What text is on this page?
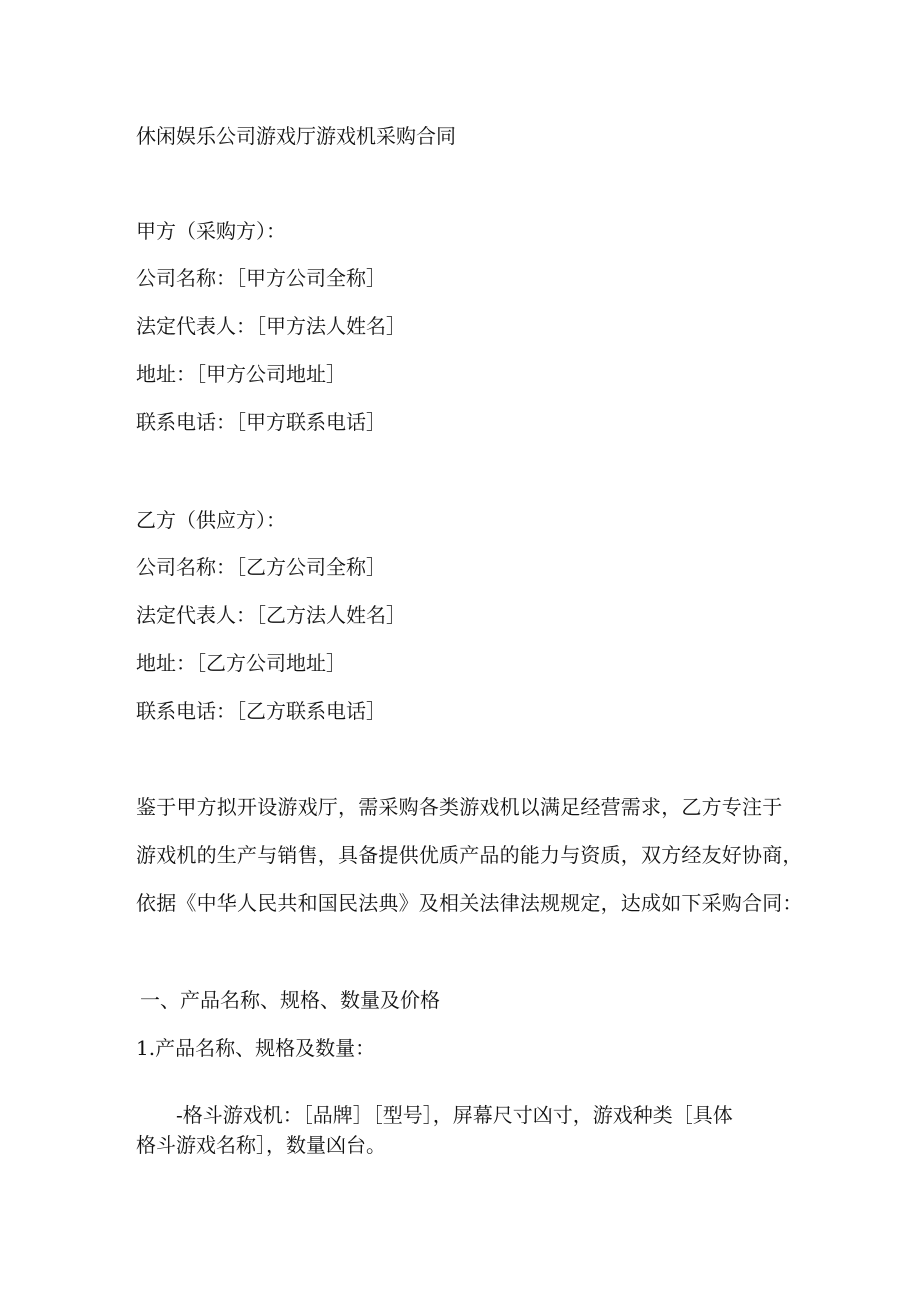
休闲娱乐公司游戏厅游戏机采购合同
甲方（采购方）：
公司名称：［甲方公司全称］
法定代表人：［甲方法人姓名］
地址：［甲方公司地址］
联系电话：［甲方联系电话］
乙方（供应方）：
公司名称：［乙方公司全称］
法定代表人：［乙方法人姓名］
地址：［乙方公司地址］
联系电话：［乙方联系电话］
鉴于甲方拟开设游戏厅，需采购各类游戏机以满足经营需求，乙方专注于
游戏机的生产与销售，具备提供优质产品的能力与资质，双方经友好协商，
依据《中华人民共和国民法典》及相关法律法规规定，达成如下采购合同：
一、产品名称、规格、数量及价格
1.产品名称、规格及数量：
-格斗游戏机：［品牌］［型号］，屏幕尺寸凶寸，游戏种类［具体
格斗游戏名称］，数量凶台。
